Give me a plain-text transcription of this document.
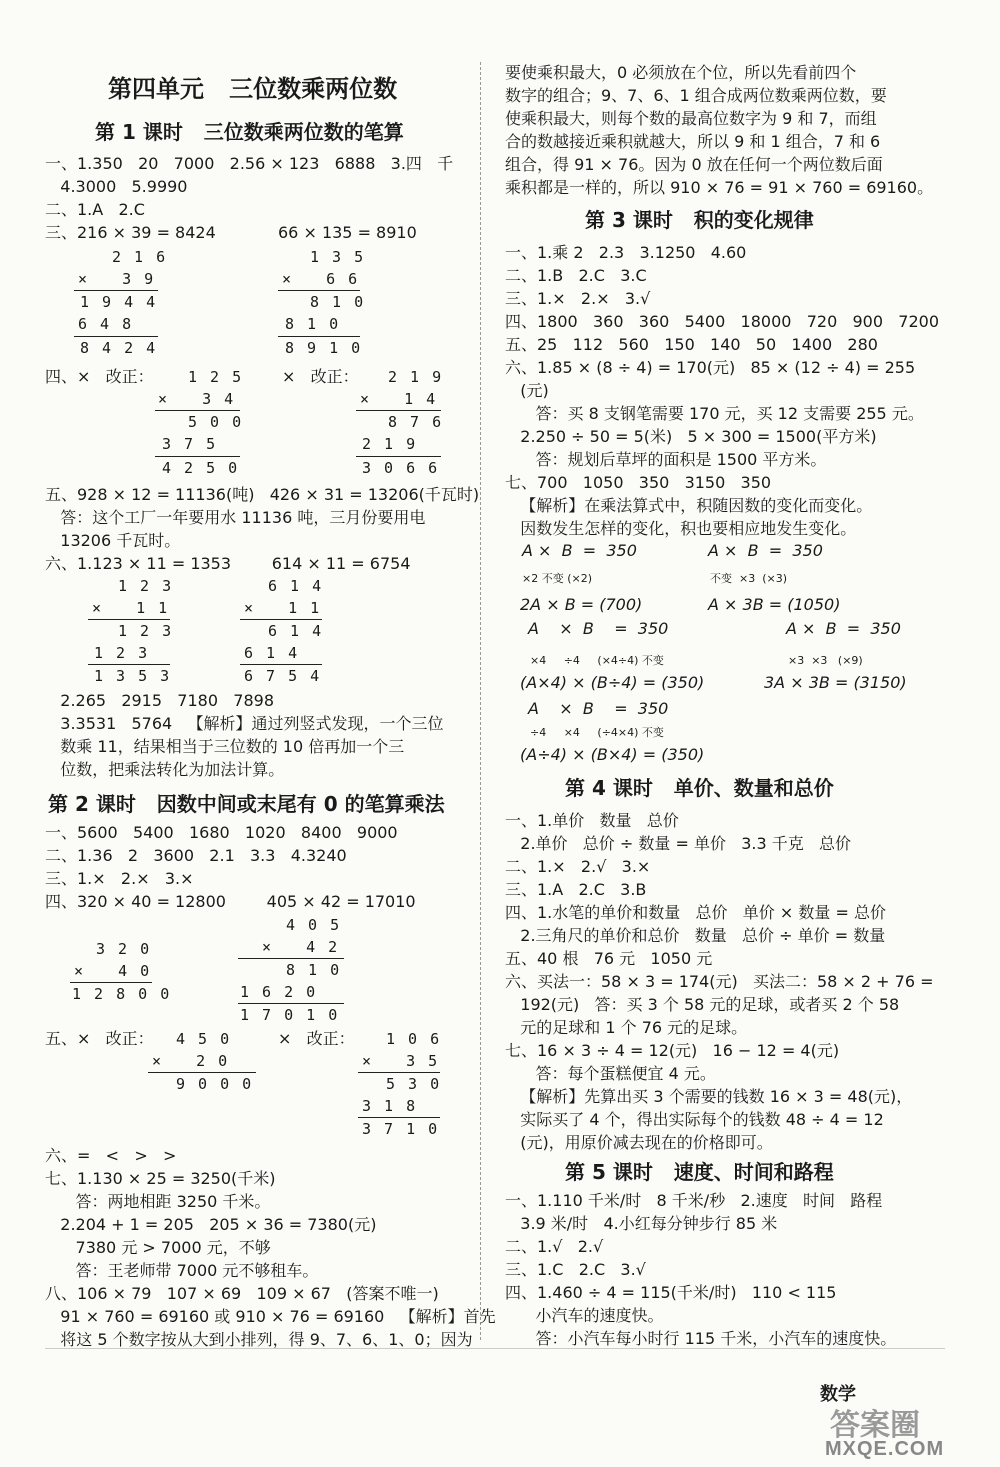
第四单元   三位数乘两位数
第 1 课时   三位数乘两位数的笔算
一、1.350   20   7000   2.56 × 123   6888   3.四   千
4.3000   5.9990
二、1.A   2.C
三、216 × 39 = 8424	66 × 135 = 8910
2 1 6
×   3 9
1 9 4 4
6 4 8
8 4 2 4
1 3 5
×   6 6
8 1 0
8 1 0
8 9 1 0
四、×   改正： 1 2 5
×   3 4
5 0 0
3 7 5
4 2 5 0
×   改正： 2 1 9
×   1 4
8 7 6
2 1 9
3 0 6 6
五、928 × 12 = 11136(吨)   426 × 31 = 13206(千瓦时)
答：这个工厂一年要用水 11136 吨，三月份要用电
13206 千瓦时。
六、1.123 × 11 = 1353        614 × 11 = 6754
1 2 3
×   1 1
1 2 3
1 2 3
1 3 5 3
6 1 4
×   1 1
6 1 4
6 1 4
6 7 5 4
2.265   2915   7180   7898
3.3531   5764   【解析】通过列竖式发现，一个三位
数乘 11，结果相当于三位数的 10 倍再加一个三
位数，把乘法转化为加法计算。
第 2 课时   因数中间或末尾有 0 的笔算乘法
一、5600   5400   1680   1020   8400   9000
二、1.36   2   3600   2.1   3.3   4.3240
三、1.×   2.×   3.×
四、320 × 40 = 12800        405 × 42 = 17010
3 2 0
×   4 0
1 2 8 0 0
4 0 5
×   4 2
8 1 0
1 6 2 0
1 7 0 1 0
五、×   改正： 4 5 0
×   2 0
9 0 0 0
×   改正： 1 0 6
×   3 5
5 3 0
3 1 8
3 7 1 0
六、=   <   >   >
七、1.130 × 25 = 3250(千米)
答：两地相距 3250 千米。
2.204 + 1 = 205   205 × 36 = 7380(元)
7380 元 > 7000 元，不够
答：王老师带 7000 元不够租车。
八、106 × 79   107 × 69   109 × 67   (答案不唯一)
91 × 760 = 69160 或 910 × 76 = 69160   【解析】首先
将这 5 个数字按从大到小排列，得 9、7、6、1、0；因为
要使乘积最大，0 必须放在个位，所以先看前四个
数字的组合；9、7、6、1 组合成两位数乘两位数，要
使乘积最大，则每个数的最高位数字为 9 和 7，而组
合的数越接近乘积就越大，所以 9 和 1 组合，7 和 6
组合，得 91 × 76。因为 0 放在任何一个两位数后面
乘积都是一样的，所以 910 × 76 = 91 × 760 = 69160。
第 3 课时   积的变化规律
一、1.乘 2   2.3   3.1250   4.60
二、1.B   2.C   3.C
三、1.×   2.×   3.√
四、1800   360   360   5400   18000   720   900   7200
五、25   112   560   150   140   50   1400   280
六、1.85 × (8 ÷ 4) = 170(元)   85 × (12 ÷ 4) = 255
(元)
答：买 8 支钢笔需要 170 元，买 12 支需要 255 元。
2.250 ÷ 50 = 5(米)   5 × 300 = 1500(平方米)
答：规划后草坪的面积是 1500 平方米。
七、700   1050   350   3150   350
【解析】在乘法算式中，积随因数的变化而变化。
因数发生怎样的变化，积也要相应地发生变化。
A ×  B  =  350	A ×  B  =  350
×2 不变 (×2)	不变  ×3  (×3)
2A × B = (700)	A × 3B = (1050)
A    ×  B    =  350	A ×  B  =  350
×4     ÷4     (×4÷4) 不变	×3  ×3   (×9)
(A×4) × (B÷4) = (350)	3A × 3B = (3150)
A    ×  B    =  350
÷4     ×4     (÷4×4) 不变
(A÷4) × (B×4) = (350)
第 4 课时   单价、数量和总价
一、1.单价   数量   总价
2.单价   总价 ÷ 数量 = 单价   3.3 千克   总价
二、1.×   2.√   3.×
三、1.A   2.C   3.B
四、1.水笔的单价和数量   总价   单价 × 数量 = 总价
2.三角尺的单价和总价   数量   总价 ÷ 单价 = 数量
五、40 根   76 元   1050 元
六、买法一：58 × 3 = 174(元)   买法二：58 × 2 + 76 =
192(元)   答：买 3 个 58 元的足球，或者买 2 个 58
元的足球和 1 个 76 元的足球。
七、16 × 3 ÷ 4 = 12(元)   16 − 12 = 4(元)
答：每个蛋糕便宜 4 元。
【解析】先算出买 3 个需要的钱数 16 × 3 = 48(元)，
实际买了 4 个，得出实际每个的钱数 48 ÷ 4 = 12
(元)，用原价减去现在的价格即可。
第 5 课时   速度、时间和路程
一、1.110 千米/时   8 千米/秒   2.速度   时间   路程
3.9 米/时   4.小红每分钟步行 85 米
二、1.√   2.√
三、1.C   2.C   3.√
四、1.460 ÷ 4 = 115(千米/时)   110 < 115
小汽车的速度快。
答：小汽车每小时行 115 千米，小汽车的速度快。
数学
答案圈
MXQE.COM
